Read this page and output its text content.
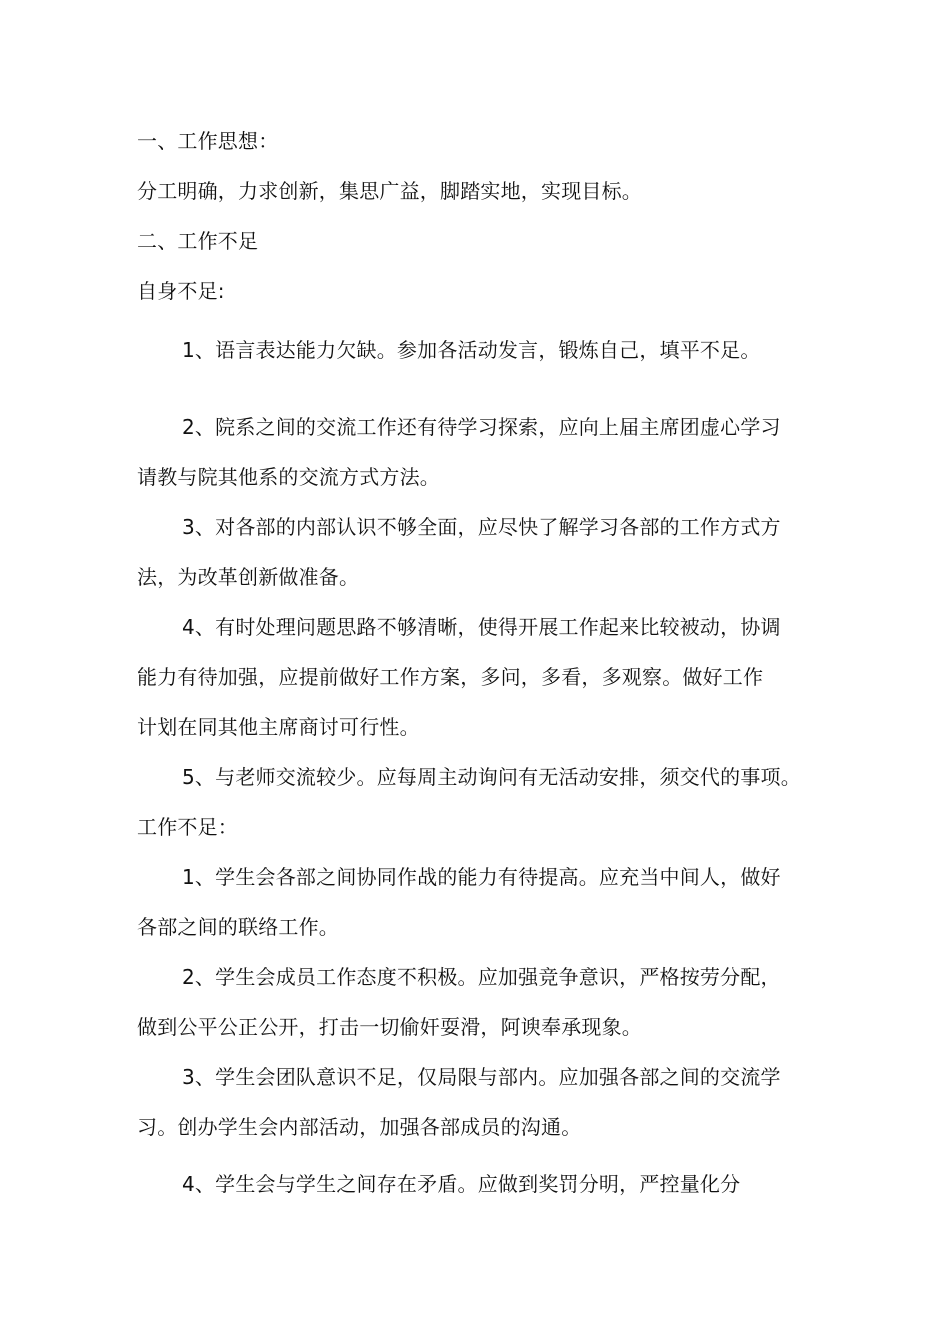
一、工作思想：
分工明确，力求创新，集思广益，脚踏实地，实现目标。
二、工作不足
自身不足:
1、语言表达能力欠缺。参加各活动发言，锻炼自己，填平不足。
2、院系之间的交流工作还有待学习探索，应向上届主席团虚心学习
请教与院其他系的交流方式方法。
3、对各部的内部认识不够全面，应尽快了解学习各部的工作方式方
法，为改革创新做准备。
4、有时处理问题思路不够清晰，使得开展工作起来比较被动，协调
能力有待加强，应提前做好工作方案，多问，多看，多观察。做好工作
计划在同其他主席商讨可行性。
5、与老师交流较少。应每周主动询问有无活动安排，须交代的事项。
工作不足：
1、学生会各部之间协同作战的能力有待提高。应充当中间人，做好
各部之间的联络工作。
2、学生会成员工作态度不积极。应加强竞争意识，严格按劳分配，
做到公平公正公开，打击一切偷奸耍滑，阿谀奉承现象。
3、学生会团队意识不足，仅局限与部内。应加强各部之间的交流学
习。创办学生会内部活动，加强各部成员的沟通。
4、学生会与学生之间存在矛盾。应做到奖罚分明，严控量化分
